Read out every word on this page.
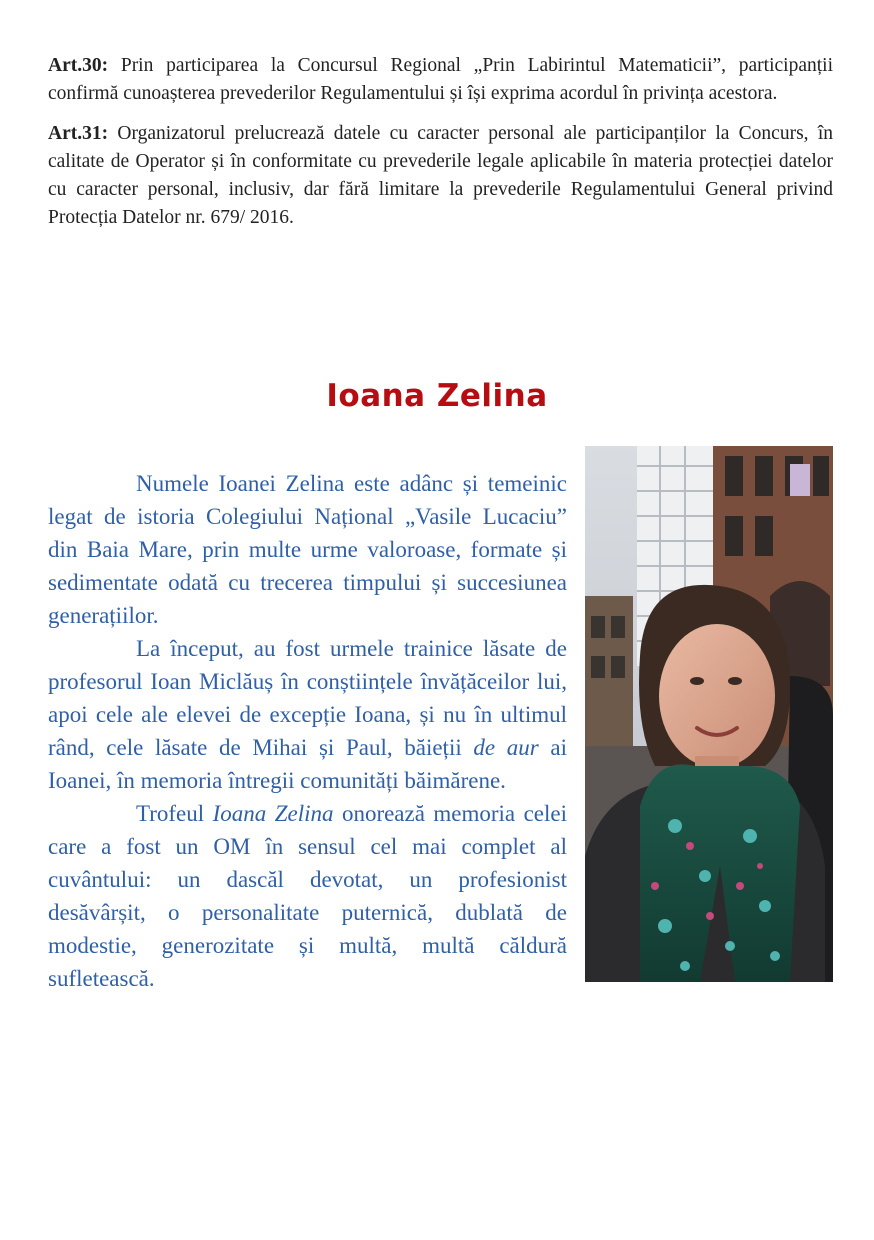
Art.30: Prin participarea la Concursul Regional „Prin Labirintul Matematicii”, participanții confirmă cunoașterea prevederilor Regulamentului și își exprima acordul în privința acestora.

Art.31: Organizatorul prelucrează datele cu caracter personal ale participanților la Concurs, în calitate de Operator și în conformitate cu prevederile legale aplicabile în materia protecției datelor cu caracter personal, inclusiv, dar fără limitare la prevederile Regulamentului General privind Protecția Datelor nr. 679/ 2016.

Ioana Zelina

Numele Ioanei Zelina este adânc și temeinic legat de istoria Colegiului Național „Vasile Lucaciu” din Baia Mare, prin multe urme valoroase, formate și sedimentate odată cu trecerea timpului și succesiunea generațiilor.

La început, au fost urmele trainice lăsate de profesorul Ioan Miclăuș în conștiințele învățăceilor lui, apoi cele ale elevei de excepție Ioana, și nu în ultimul rând, cele lăsate de Mihai și Paul, băieții de aur ai Ioanei, în memoria întregii comunități băimărene.

Trofeul Ioana Zelina onorează memoria celei care a fost un OM în sensul cel mai complet al cuvântului: un dascăl devotat, un profesionist desăvârșit, o personalitate puternică, dublată de modestie, generozitate și multă, multă căldură sufletească.
